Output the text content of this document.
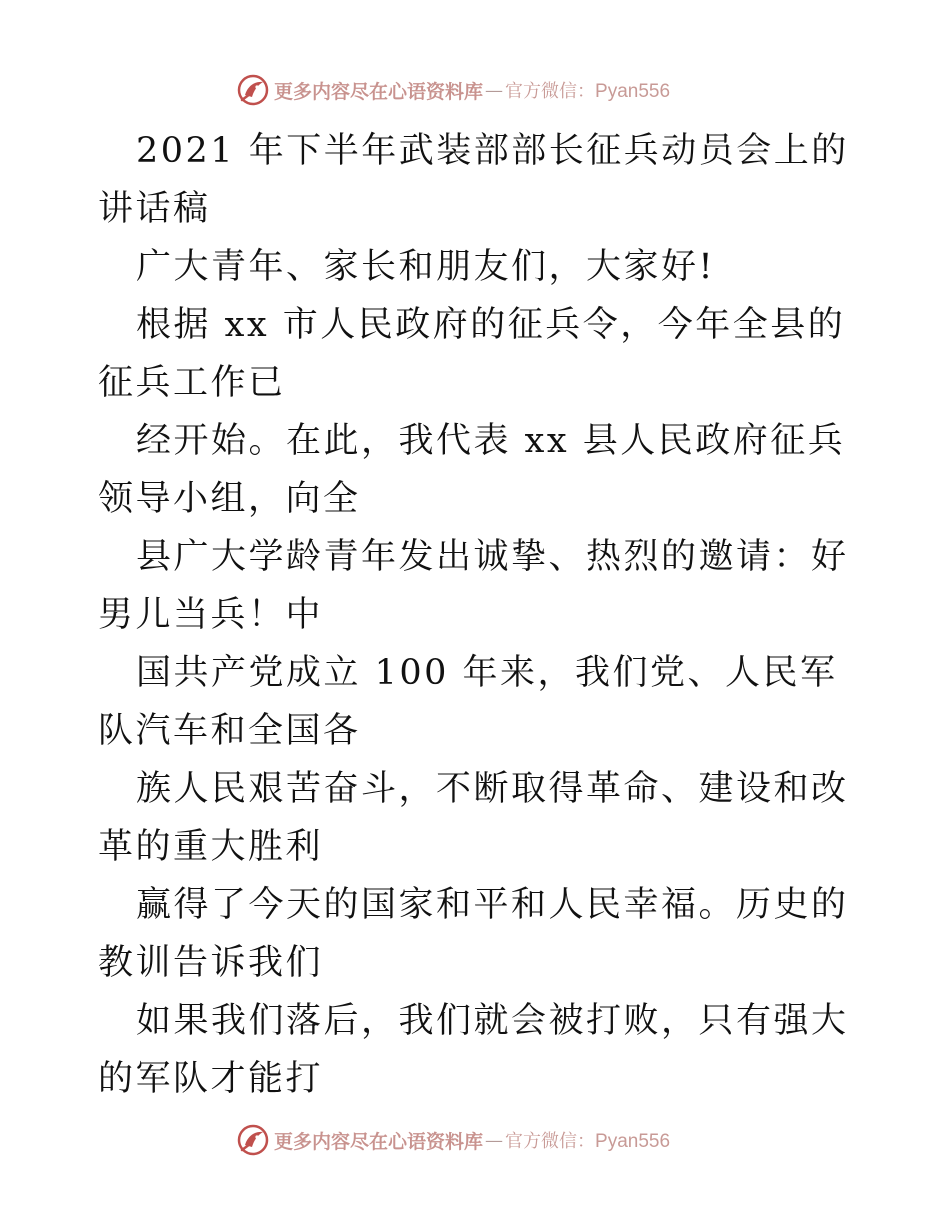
更多内容尽在心语资料库 — 官方微信：Pyan556

2021 年下半年武装部部长征兵动员会上的讲话稿

广大青年、家长和朋友们，大家好!

根据 xx 市人民政府的征兵令，今年全县的征兵工作已

经开始。在此，我代表 xx 县人民政府征兵领导小组，向全

县广大学龄青年发出诚挚、热烈的邀请：好男儿当兵！中

国共产党成立 100 年来，我们党、人民军队汽车和全国各

族人民艰苦奋斗，不断取得革命、建设和改革的重大胜利

赢得了今天的国家和平和人民幸福。历史的教训告诉我们

如果我们落后，我们就会被打败，只有强大的军队才能打

更多内容尽在心语资料库 — 官方微信：Pyan556
